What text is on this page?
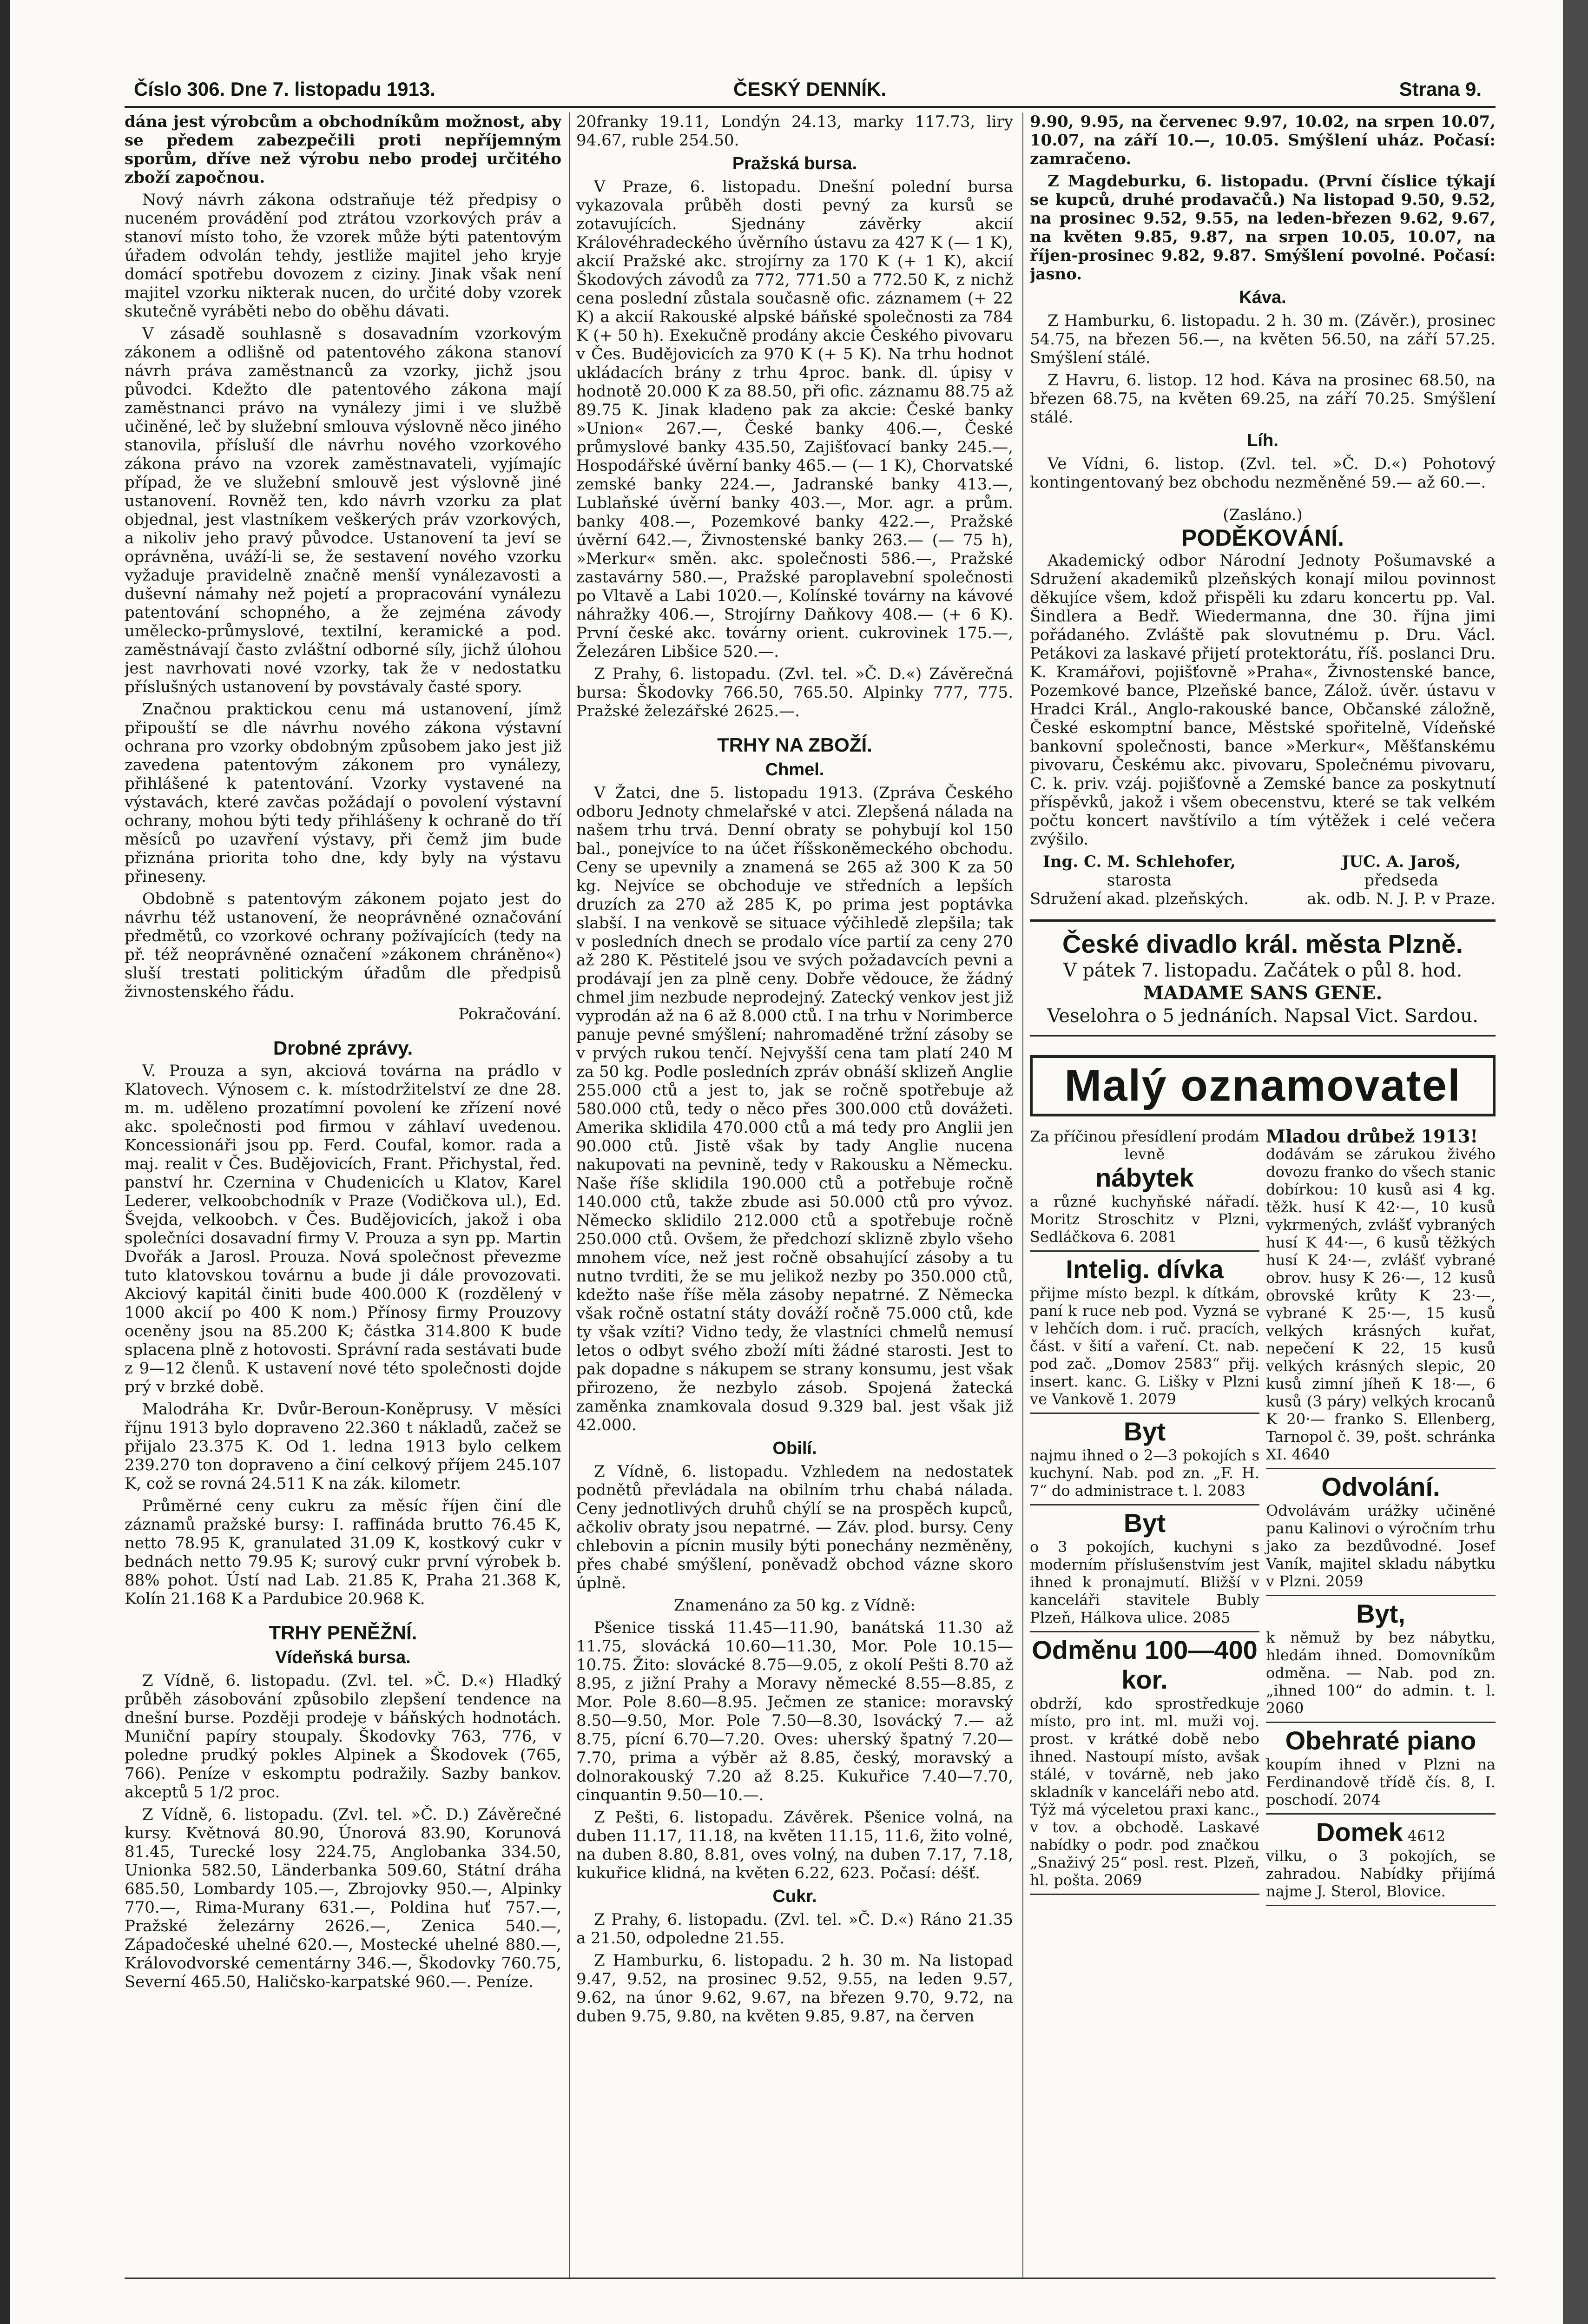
Číslo 306. Dne 7. listopadu 1913.	ČESKÝ DENNÍK.	Strana 9.

dána jest výrobcům a obchodníkům možnost, aby se předem zabezpečili proti nepříjemným sporům, dříve než výrobu nebo prodej určitého zboží započnou.

Nový návrh zákona odstraňuje též předpisy o nuceném provádění pod ztrátou vzorkových práv a stanoví místo toho, že vzorek může býti patentovým úřadem odvolán tehdy, jestliže majitel jeho kryje domácí spotřebu dovozem z ciziny. Jinak však není majitel vzorku nikterak nucen, do určité doby vzorek skutečně vyráběti nebo do oběhu dávati.

V zásadě souhlasně s dosavadním vzorkovým zákonem a odlišně od patentového zákona stanoví návrh práva zaměstnanců za vzorky, jichž jsou původci. Kdežto dle patentového zákona mají zaměstnanci právo na vynálezy jimi i ve službě učiněné, leč by služební smlouva výslovně něco jiného stanovila, přísluší dle návrhu nového vzorkového zákona právo na vzorek zaměstnavateli, vyjímajíc případ, že ve služební smlouvě jest výslovně jiné ustanovení. Rovněž ten, kdo návrh vzorku za plat objednal, jest vlastníkem veškerých práv vzorkových, a nikoliv jeho pravý původce. Ustanovení ta jeví se oprávněna, uváží-li se, že sestavení nového vzorku vyžaduje pravidelně značně menší vynálezavosti a duševní námahy než pojetí a propracování vynálezu patentování schopného, a že zejména závody umělecko-průmyslové, textilní, keramické a pod. zaměstnávají často zvláštní odborné síly, jichž úlohou jest navrhovati nové vzorky, tak že v nedostatku příslušných ustanovení by povstávaly časté spory.

Značnou praktickou cenu má ustanovení, jímž připouští se dle návrhu nového zákona výstavní ochrana pro vzorky obdobným způsobem jako jest již zavedena patentovým zákonem pro vynálezy, přihlášené k patentování. Vzorky vystavené na výstavách, které zavčas požádají o povolení výstavní ochrany, mohou býti tedy přihlášeny k ochraně do tří měsíců po uzavření výstavy, při čemž jim bude přiznána priorita toho dne, kdy byly na výstavu přineseny.

Obdobně s patentovým zákonem pojato jest do návrhu též ustanovení, že neoprávněné označování předmětů, co vzorkové ochrany požívajících (tedy na př. též neoprávněné označení »zákonem chráněno«) sluší trestati politickým úřadům dle předpisů živnostenského řádu.

Pokračování.
Drobné zprávy.

V. Prouza a syn, akciová továrna na prádlo v Klatovech. Výnosem c. k. místodržitelství ze dne 28. m. m. uděleno prozatímní povolení ke zřízení nové akc. společnosti pod firmou v záhlaví uvedenou. Koncessionáři jsou pp. Ferd. Coufal, komor. rada a maj. realit v Čes. Budějovicích, Frant. Přichystal, řed. panství hr. Czernina v Chudenicích u Klatov, Karel Lederer, velkoobchodník v Praze (Vodičkova ul.), Ed. Švejda, velkoobch. v Čes. Budějovicích, jakož i oba společníci dosavadní firmy V. Prouza a syn pp. Martin Dvořák a Jarosl. Prouza. Nová společnost převezme tuto klatovskou továrnu a bude ji dále provozovati. Akciový kapitál činiti bude 400.000 K (rozdělený v 1000 akcií po 400 K nom.) Přínosy firmy Prouzovy oceněny jsou na 85.200 K; částka 314.800 K bude splacena plně z hotovosti. Správní rada sestávati bude z 9—12 členů. K ustavení nové této společnosti dojde prý v brzké době.

Malodráha Kr. Dvůr-Beroun-Koněprusy. V měsíci říjnu 1913 bylo dopraveno 22.360 t nákladů, začež se přijalo 23.375 K. Od 1. ledna 1913 bylo celkem 239.270 ton dopraveno a činí celkový příjem 245.107 K, což se rovná 24.511 K na zák. kilometr.

Průměrné ceny cukru za měsíc říjen činí dle záznamů pražské bursy: I. raffináda brutto 76.45 K, netto 78.95 K, granulated 31.09 K, kostkový cukr v bednách netto 79.95 K; surový cukr první výrobek b. 88% pohot. Ústí nad Lab. 21.85 K, Praha 21.368 K, Kolín 21.168 K a Pardubice 20.968 K.

TRHY PENĚŽNÍ.
Vídeňská bursa.

Z Vídně, 6. listopadu. (Zvl. tel. »Č. D.«) Hladký průběh zásobování způsobilo zlepšení tendence na dnešní burse. Později prodeje v báňských hodnotách. Muniční papíry stoupaly. Škodovky 763, 776, v poledne prudký pokles Alpinek a Škodovek (765, 766). Peníze v eskomptu podražily. Sazby bankov. akceptů 5 1/2 proc.

Z Vídně, 6. listopadu. (Zvl. tel. »Č. D.) Závěrečné kursy. Květnová 80.90, Únorová 83.90, Korunová 81.45, Turecké losy 224.75, Anglobanka 334.50, Unionka 582.50, Länderbanka 509.60, Státní dráha 685.50, Lombardy 105.—, Zbrojovky 950.—, Alpinky 770.—, Rima-Murany 631.—, Poldina huť 757.—, Pražské železárny 2626.—, Zenica 540.—, Západočeské uhelné 620.—, Mostecké uhelné 880.—, Královodvorské cementárny 346.—, Škodovky 760.75, Severní 465.50, Haličsko-karpatské 960.—. Peníze.

20franky 19.11, Londýn 24.13, marky 117.73, liry 94.67, ruble 254.50.

Pražská bursa.

V Praze, 6. listopadu. Dnešní polední bursa vykazovala průběh dosti pevný za kursů se zotavujících. Sjednány závěrky akcií Královéhradeckého úvěrního ústavu za 427 K (— 1 K), akcií Pražské akc. strojírny za 170 K (+ 1 K), akcií Škodových závodů za 772, 771.50 a 772.50 K, z nichž cena poslední zůstala současně ofic. záznamem (+ 22 K) a akcií Rakouské alpské báňské společnosti za 784 K (+ 50 h). Exekučně prodány akcie Českého pivovaru v Čes. Budějovicích za 970 K (+ 5 K). Na trhu hodnot ukládacích brány z trhu 4proc. bank. dl. úpisy v hodnotě 20.000 K za 88.50, při ofic. záznamu 88.75 až 89.75 K. Jinak kladeno pak za akcie: České banky »Union« 267.—, České banky 406.—, České průmyslové banky 435.50, Zajišťovací banky 245.—, Hospodářské úvěrní banky 465.— (— 1 K), Chorvatské zemské banky 224.—, Jadranské banky 413.—, Lublaňské úvěrní banky 403.—, Mor. agr. a prům. banky 408.—, Pozemkové banky 422.—, Pražské úvěrní 642.—, Živnostenské banky 263.— (— 75 h), »Merkur« směn. akc. společnosti 586.—, Pražské zastavárny 580.—, Pražské paroplavební společnosti po Vltavě a Labi 1020.—, Kolínské továrny na kávové náhražky 406.—, Strojírny Daňkovy 408.— (+ 6 K). První české akc. továrny orient. cukrovinek 175.—, Železáren Libšice 520.—.

Z Prahy, 6. listopadu. (Zvl. tel. »Č. D.«) Závěrečná bursa: Škodovky 766.50, 765.50. Alpinky 777, 775. Pražské železářské 2625.—.

TRHY NA ZBOŽÍ.
Chmel.

V Žatci, dne 5. listopadu 1913. (Zpráva Českého odboru Jednoty chmelařské v atci. Zlepšená nálada na našem trhu trvá. Denní obraty se pohybují kol 150 bal., ponejvíce to na účet říšskoněmeckého obchodu. Ceny se upevnily a znamená se 265 až 300 K za 50 kg. Nejvíce se obchoduje ve středních a lepších druzích za 270 až 285 K, po prima jest poptávka slabší. I na venkově se situace výčihledě zlepšila; tak v posledních dnech se prodalo více partií za ceny 270 až 280 K. Pěstitelé jsou ve svých požadavcích pevni a prodávají jen za plně ceny. Dobře vědouce, že žádný chmel jim nezbude neprodejný. Zatecký venkov jest již vyprodán až na 6 až 8.000 ctů. I na trhu v Norimberce panuje pevné smýšlení; nahromaděné tržní zásoby se v prvých rukou tenčí. Nejvyšší cena tam platí 240 M za 50 kg. Podle posledních zpráv obnáší sklizeň Anglie 255.000 ctů a jest to, jak se ročně spotřebuje až 580.000 ctů, tedy o něco přes 300.000 ctů dovážeti. Amerika sklidila 470.000 ctů a má tedy pro Anglii jen 90.000 ctů. Jistě však by tady Anglie nucena nakupovati na pevnině, tedy v Rakousku a Německu. Naše říše sklidila 190.000 ctů a potřebuje ročně 140.000 ctů, takže zbude asi 50.000 ctů pro vývoz. Německo sklidilo 212.000 ctů a spotřebuje ročně 250.000 ctů. Ovšem, že předchozí sklizně zbylo všeho mnohem více, než jest ročně obsahující zásoby a tu nutno tvrditi, že se mu jelikož nezby po 350.000 ctů, kdežto naše říše měla zásoby nepatrné. Z Německa však ročně ostatní státy dováží ročně 75.000 ctů, kde ty však vzíti? Vidno tedy, že vlastníci chmelů nemusí letos o odbyt svého zboží míti žádné starosti. Jest to pak dopadne s nákupem se strany konsumu, jest však přirozeno, že nezbylo zásob. Spojená žatecká zaměnka znamkovala dosud 9.329 bal. jest však již 42.000.

Obilí.

Z Vídně, 6. listopadu. Vzhledem na nedostatek podnětů převládala na obilním trhu chabá nálada. Ceny jednotlivých druhů chýlí se na prospěch kupců, ačkoliv obraty jsou nepatrné. — Záv. plod. bursy. Ceny chlebovin a pícnin musily býti ponechány nezměněny, přes chabé smýšlení, poněvadž obchod vázne skoro úplně.

Znamenáno za 50 kg. z Vídně:

Pšenice tisská 11.45—11.90, banátská 11.30 až 11.75, slovácká 10.60—11.30, Mor. Pole 10.15—10.75. Žito: slovácké 8.75—9.05, z okolí Pešti 8.70 až 8.95, z jižní Prahy a Moravy německé 8.55—8.85, z Mor. Pole 8.60—8.95. Ječmen ze stanice: moravský 8.50—9.50, Mor. Pole 7.50—8.30, lsovácký 7.— až 8.75, pícní 6.70—7.20. Oves: uherský špatný 7.20—7.70, prima a výběr až 8.85, český, moravský a dolnorakouský 7.20 až 8.25. Kukuřice 7.40—7.70, cinquantin 9.50—10.—.

Z Pešti, 6. listopadu. Závěrek. Pšenice volná, na duben 11.17, 11.18, na květen 11.15, 11.6, žito volné, na duben 8.80, 8.81, oves volný, na duben 7.17, 7.18, kukuřice klidná, na květen 6.22, 623. Počasí: déšť.

Cukr.

Z Prahy, 6. listopadu. (Zvl. tel. »Č. D.«) Ráno 21.35 a 21.50, odpoledne 21.55.

Z Hamburku, 6. listopadu. 2 h. 30 m. Na listopad 9.47, 9.52, na prosinec 9.52, 9.55, na leden 9.57, 9.62, na únor 9.62, 9.67, na březen 9.70, 9.72, na duben 9.75, 9.80, na květen 9.85, 9.87, na červen

9.90, 9.95, na červenec 9.97, 10.02, na srpen 10.07, 10.07, na září 10.—, 10.05. Smýšlení uház. Počasí: zamračeno.

Z Magdeburku, 6. listopadu. (První číslice týkají se kupců, druhé prodavačů.) Na listopad 9.50, 9.52, na prosinec 9.52, 9.55, na leden-březen 9.62, 9.67, na květen 9.85, 9.87, na srpen 10.05, 10.07, na říjen-prosinec 9.82, 9.87. Smýšlení povolné. Počasí: jasno.

Káva.

Z Hamburku, 6. listopadu. 2 h. 30 m. (Závěr.), prosinec 54.75, na březen 56.—, na květen 56.50, na září 57.25. Smýšlení stálé.

Z Havru, 6. listop. 12 hod. Káva na prosinec 68.50, na březen 68.75, na květen 69.25, na září 70.25. Smýšlení stálé.

Líh.

Ve Vídni, 6. listop. (Zvl. tel. »Č. D.«) Pohotový kontingentovaný bez obchodu nezměněné 59.— až 60.—.

(Zasláno.)
PODĚKOVÁNÍ.

Akademický odbor Národní Jednoty Pošumavské a Sdružení akademiků plzeňských konají milou povinnost děkujíce všem, kdož přispěli ku zdaru koncertu pp. Val. Šindlera a Bedř. Wiedermanna, dne 30. října jimi pořádaného. Zvláště pak slovutnému p. Dru. Václ. Petákovi za laskavé přijetí protektorátu, říš. poslanci Dru. K. Kramářovi, pojišťovně »Praha«, Živnostenské bance, Pozemkové bance, Plzeňské bance, Zálož. úvěr. ústavu v Hradci Král., Anglo-rakouské bance, Občanské záložně, České eskomptní bance, Městské spořitelně, Vídeňské bankovní společnosti, bance »Merkur«, Měšťanskému pivovaru, Českému akc. pivovaru, Společnému pivovaru, C. k. priv. vzáj. pojišťovně a Zemské bance za poskytnutí příspěvků, jakož i všem obecenstvu, které se tak velkém počtu koncert navštívilo a tím výtěžek i celé večera zvýšilo.

Ing. C. M. Schlehofer,
starosta
Sdružení akad. plzeňských.
JUC. A. Jaroš,
předseda
ak. odb. N. J. P. v Praze.
České divadlo král. města Plzně.
V pátek 7. listopadu. Začátek o půl 8. hod.
MADAME SANS GENE.
Veselohra o 5 jednáních. Napsal Vict. Sardou.
Malý oznamovatel
Za příčinou přesídlení prodám levně
nábytek
a různé kuchyňské nářadí. Moritz Stroschitz v Plzni, Sedláčkova 6. 2081
Intelig. dívka
přijme místo bezpl. k dítkám, paní k ruce neb pod. Vyzná se v lehčích dom. i ruč. pracích, část. v šití a vaření. Ct. nab. pod zač. „Domov 2583“ přij. insert. kanc. G. Lišky v Plzni ve Vankově 1. 2079
Byt
najmu ihned o 2—3 pokojích s kuchyní. Nab. pod zn. „F. H. 7“ do administrace t. l. 2083
Byt
o 3 pokojích, kuchyni s moderním příslušenstvím jest ihned k pronajmutí. Bližší v kanceláři stavitele Bubly Plzeň, Hálkova ulice. 2085
Odměnu 100—400 kor.
obdrží, kdo sprostředkuje místo, pro int. ml. muži voj. prost. v krátké době nebo ihned. Nastoupí místo, avšak stálé, v továrně, neb jako skladník v kanceláři nebo atd. Týž má výceletou praxi kanc., v tov. a obchodě. Laskavé nabídky o podr. pod značkou „Snaživý 25“ posl. rest. Plzeň, hl. pošta. 2069
Mladou drůbež 1913!
dodávám se zárukou živého dovozu franko do všech stanic dobírkou: 10 kusů asi 4 kg. těžk. husí K 42·—, 10 kusů vykrmených, zvlášť vybraných husí K 44·—, 6 kusů těžkých husí K 24·—, zvlášť vybrané obrov. husy K 26·—, 12 kusů obrovské krůty K 23·—, vybrané K 25·—, 15 kusů velkých krásných kuřat, nepečení K 22, 15 kusů velkých krásných slepic, 20 kusů zimní jíheň K 18·—, 6 kusů (3 páry) velkých krocanů K 20·— franko S. Ellenberg, Tarnopol č. 39, pošt. schránka XI. 4640
Odvolání.
Odvolávám urážky učiněné panu Kalinovi o výročním trhu jako za bezdůvodné. Josef Vaník, majitel skladu nábytku v Plzni. 2059
Byt,
k němuž by bez nábytku, hledám ihned. Domovníkům odměna. — Nab. pod zn. „ihned 100“ do admin. t. l. 2060
Obehraté piano
koupím ihned v Plzni na Ferdinandově třídě čís. 8, I. poschodí. 2074
Domek 4612
vilku, o 3 pokojích, se zahradou. Nabídky přijímá najme J. Sterol, Blovice.
